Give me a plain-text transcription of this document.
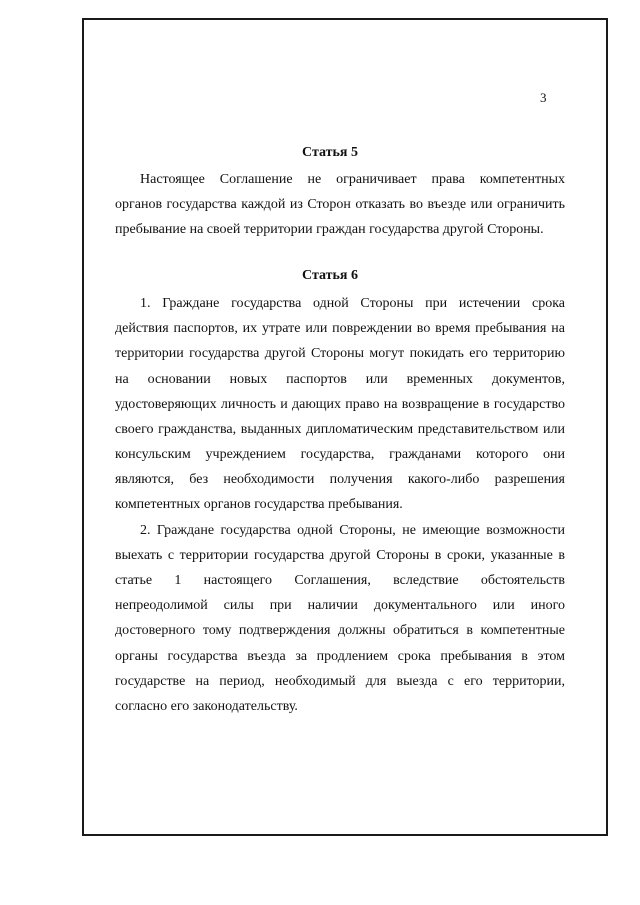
3
Статья 5
Настоящее Соглашение не ограничивает права компетентных
органов государства каждой из Сторон отказать во въезде или ограничить
пребывание на своей территории граждан государства другой Стороны.
Статья 6
1. Граждане государства одной Стороны при истечении срока
действия паспортов, их утрате или повреждении во время пребывания на
территории государства другой Стороны могут покидать его территорию
на основании новых паспортов или временных документов,
удостоверяющих личность и дающих право на возвращение в государство
своего гражданства, выданных дипломатическим представительством или
консульским учреждением государства, гражданами которого они
являются, без необходимости получения какого-либо разрешения
компетентных органов государства пребывания.
2. Граждане государства одной Стороны, не имеющие возможности
выехать с территории государства другой Стороны в сроки, указанные в
статье 1 настоящего Соглашения, вследствие обстоятельств
непреодолимой силы при наличии документального или иного
достоверного тому подтверждения должны обратиться в компетентные
органы государства въезда за продлением срока пребывания в этом
государстве на период, необходимый для выезда с его территории,
согласно его законодательству.
